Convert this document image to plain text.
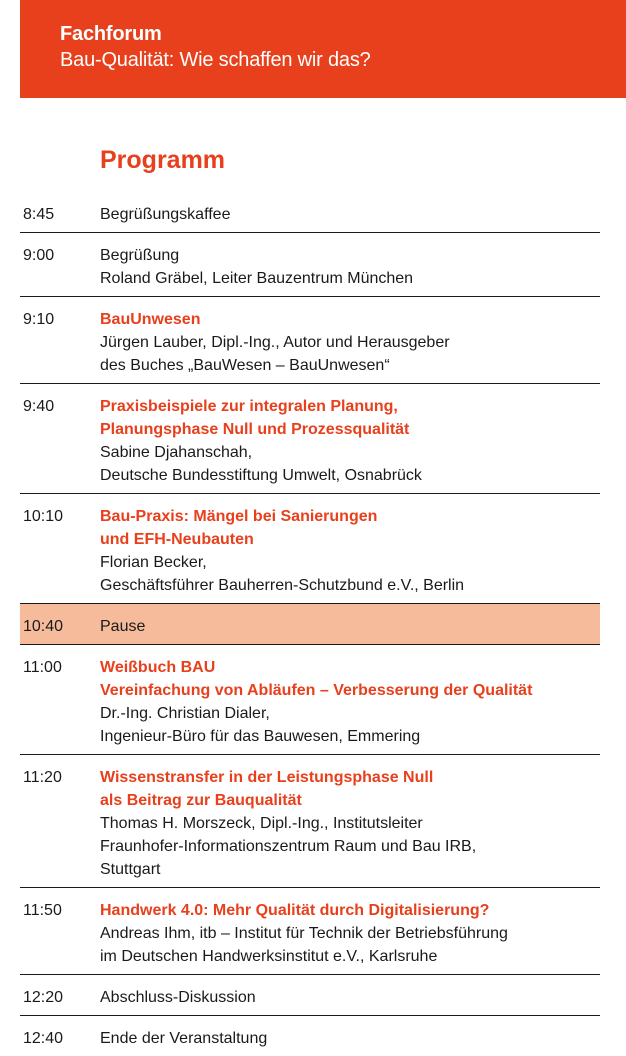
Fachforum
Bau-Qualität: Wie schaffen wir das?
Programm
8:45	Begrüßungskaffee
9:00	Begrüßung
Roland Gräbel, Leiter Bauzentrum München
9:10	BauUnwesen
Jürgen Lauber, Dipl.-Ing., Autor und Herausgeber
des Buches „BauWesen – BauUnwesen“
9:40	Praxisbeispiele zur integralen Planung,
Planungsphase Null und Prozessqualität
Sabine Djahanschah,
Deutsche Bundesstiftung Umwelt, Osnabrück
10:10 Bau-Praxis: Mängel bei Sanierungen
und EFH-Neubauten
Florian Becker,
Geschäftsführer Bauherren-Schutzbund e.V., Berlin
10:40 Pause
11:00 Weißbuch BAU
Vereinfachung von Abläufen – Verbesserung der Qualität
Dr.-Ing. Christian Dialer,
Ingenieur-Büro für das Bauwesen, Emmering
11:20 Wissenstransfer in der Leistungsphase Null
als Beitrag zur Bauqualität
Thomas H. Morszeck, Dipl.-Ing., Institutsleiter
Fraunhofer-Informationszentrum Raum und Bau IRB,
Stuttgart
11:50 Handwerk 4.0: Mehr Qualität durch Digitalisierung?
Andreas Ihm, itb – Institut für Technik der Betriebsführung
im Deutschen Handwerksinstitut e.V., Karlsruhe
12:20 Abschluss-Diskussion
12:40 Ende der Veranstaltung
